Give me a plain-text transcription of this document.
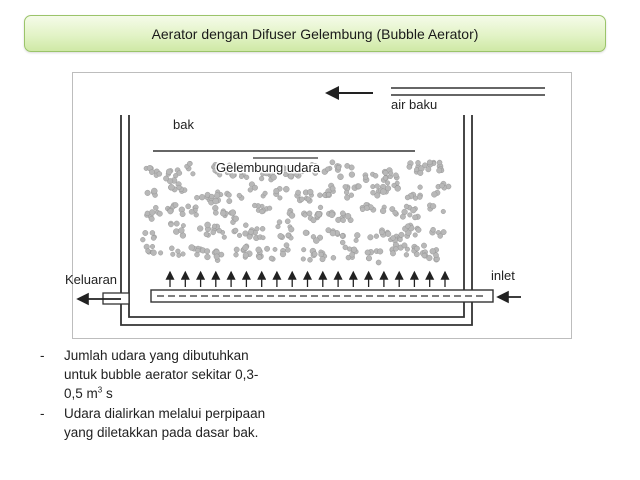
Aerator dengan Difuser Gelembung (Bubble Aerator)
air baku
bak
Gelembung udara
Keluaran	inlet
-	Jumlah udara yang dibutuhkan
untuk bubble aerator sekitar 0,3-
0,5 $m^3$ s
-	Udara dialirkan melalui perpipaan
yang diletakkan pada dasar bak.
